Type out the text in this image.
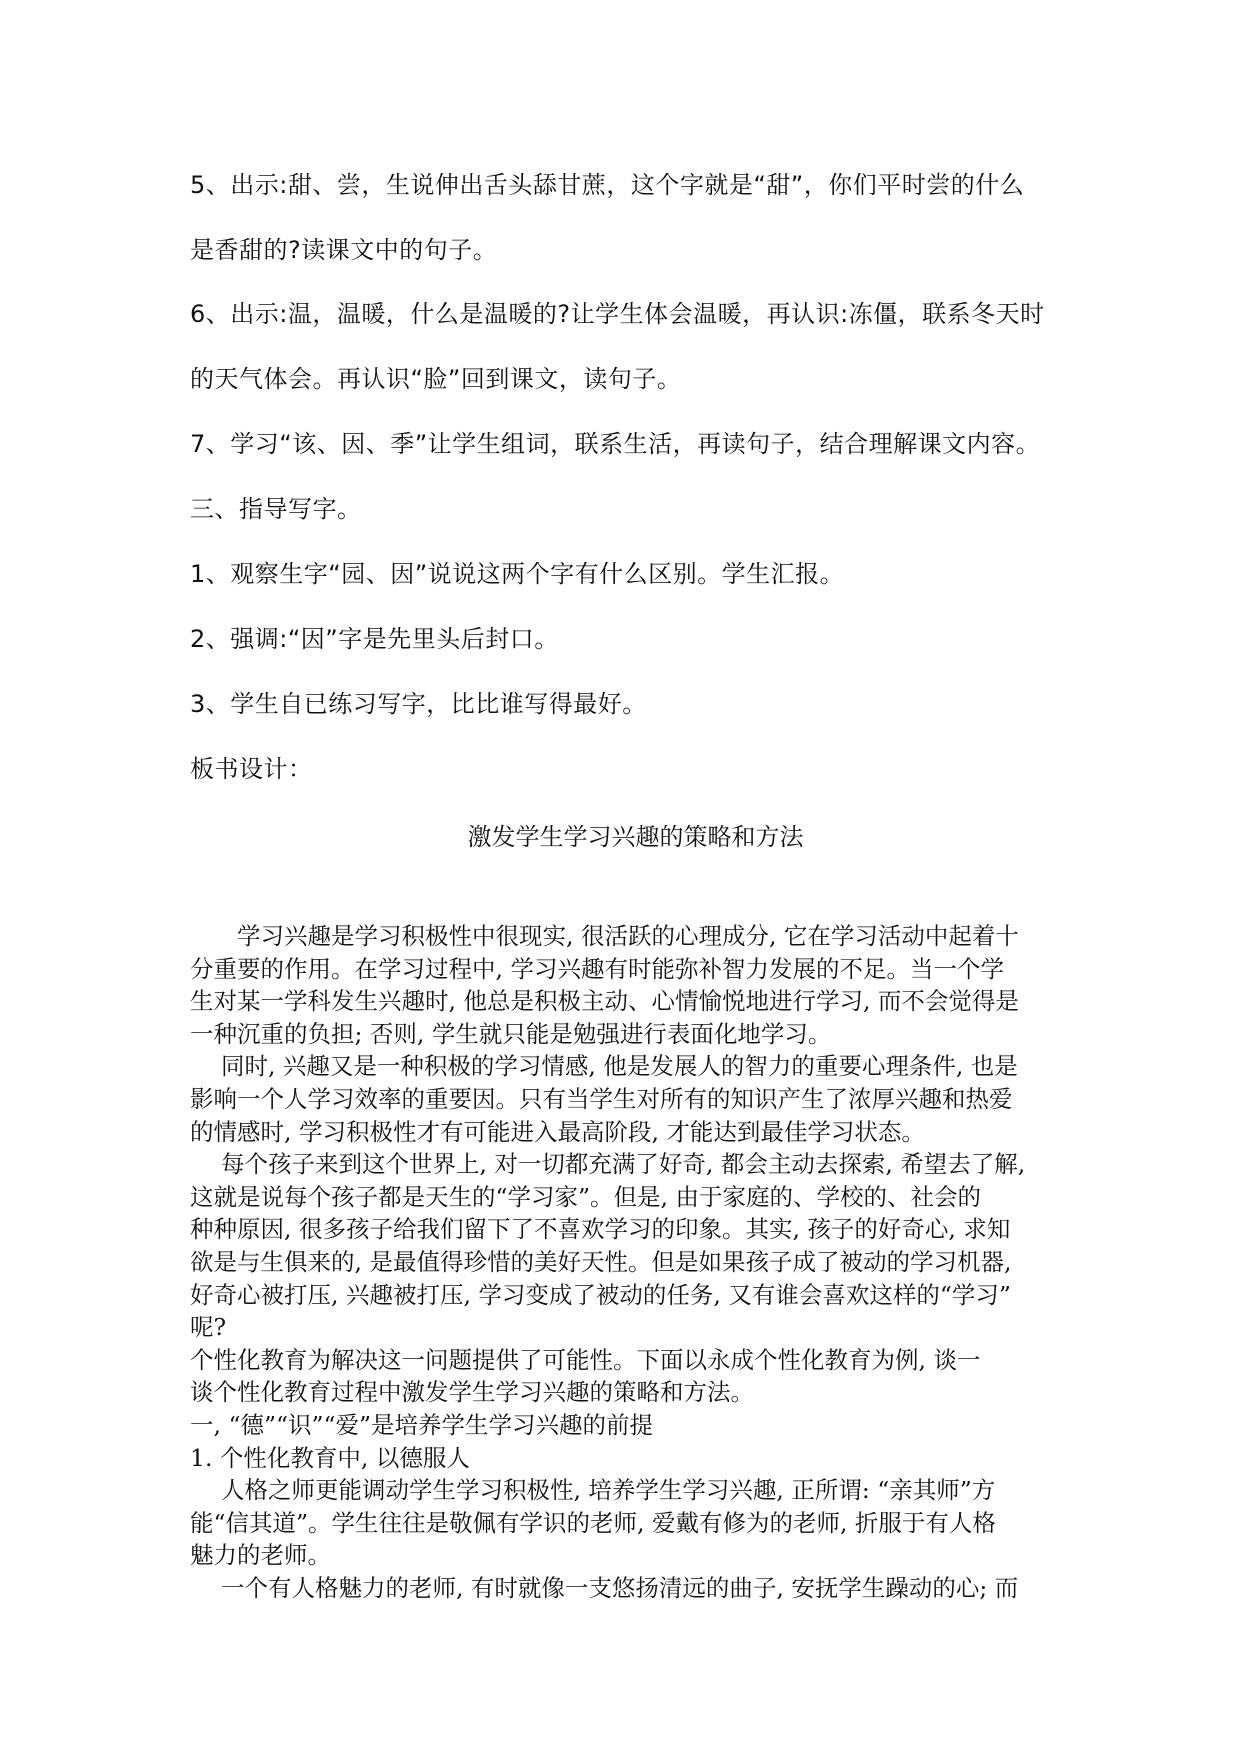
5、出示:甜、尝，生说伸出舌头舔甘蔗，这个字就是“甜”，你们平时尝的什么

是香甜的?读课文中的句子。

6、出示:温，温暖，什么是温暖的?让学生体会温暖，再认识:冻僵，联系冬天时

的天气体会。再认识“脸”回到课文，读句子。

7、学习“该、因、季”让学生组词，联系生活，再读句子，结合理解课文内容。

三、指导写字。

1、观察生字“园、因”说说这两个字有什么区别。学生汇报。

2、强调:“因”字是先里头后封口。

3、学生自已练习写字，比比谁写得最好。

板书设计：

激发学生学习兴趣的策略和方法
　　学习兴趣是学习积极性中很现实, 很活跃的心理成分, 它在学习活动中起着十
分重要的作用。在学习过程中, 学习兴趣有时能弥补智力发展的不足。当一个学
生对某一学科发生兴趣时, 他总是积极主动、心情愉悦地进行学习, 而不会觉得是
一种沉重的负担; 否则, 学生就只能是勉强进行表面化地学习。
　 同时, 兴趣又是一种积极的学习情感, 他是发展人的智力的重要心理条件, 也是
影响一个人学习效率的重要因。只有当学生对所有的知识产生了浓厚兴趣和热爱
的情感时, 学习积极性才有可能进入最高阶段, 才能达到最佳学习状态。
　 每个孩子来到这个世界上, 对一切都充满了好奇, 都会主动去探索, 希望去了解,
这就是说每个孩子都是天生的“学习家”。但是, 由于家庭的、学校的、社会的
种种原因, 很多孩子给我们留下了不喜欢学习的印象。其实, 孩子的好奇心, 求知
欲是与生俱来的, 是最值得珍惜的美好天性。但是如果孩子成了被动的学习机器,
好奇心被打压, 兴趣被打压, 学习变成了被动的任务, 又有谁会喜欢这样的“学习”
呢?
个性化教育为解决这一问题提供了可能性。下面以永成个性化教育为例, 谈一
谈个性化教育过程中激发学生学习兴趣的策略和方法。
一, “德”“识”“爱”是培养学生学习兴趣的前提
1. 个性化教育中, 以德服人
　 人格之师更能调动学生学习积极性, 培养学生学习兴趣, 正所谓: “亲其师”方
能“信其道”。学生往往是敬佩有学识的老师, 爱戴有修为的老师, 折服于有人格
魅力的老师。
　 一个有人格魅力的老师, 有时就像一支悠扬清远的曲子, 安抚学生躁动的心; 而
